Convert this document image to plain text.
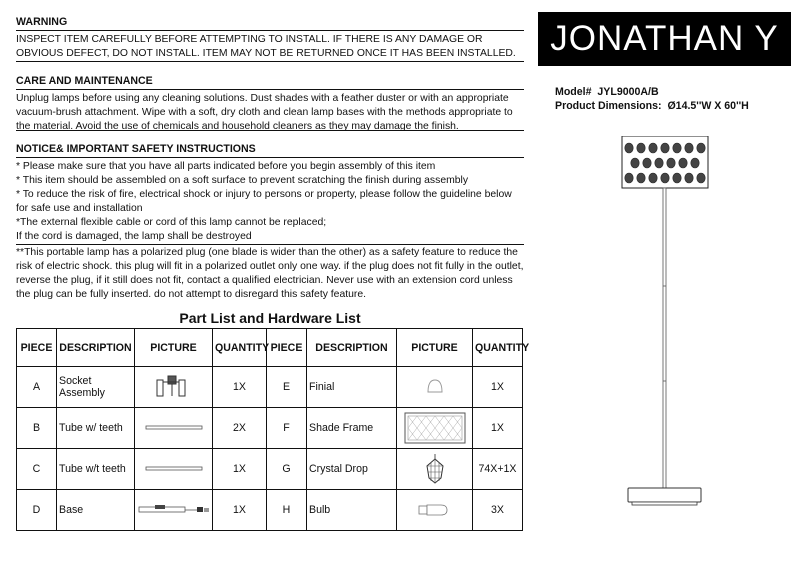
WARNING
INSPECT ITEM CAREFULLY BEFORE ATTEMPTING TO INSTALL. IF THERE IS ANY DAMAGE OR OBVIOUS DEFECT, DO NOT INSTALL. ITEM MAY NOT BE RETURNED ONCE IT HAS BEEN INSTALLED.
CARE AND MAINTENANCE
Unplug lamps before using any cleaning solutions. Dust shades with a feather duster or with an appropriate vacuum-brush attachment. Wipe with a soft, dry cloth and clean lamp bases with the methods appropriate to the material. Avoid the use of chemicals and household cleaners as they may damage the finish.
NOTICE& IMPORTANT SAFETY INSTRUCTIONS
* Please make sure that you have all parts indicated before you begin assembly of this item
* This item should be assembled on a soft surface to prevent scratching the finish during assembly
* To reduce the risk of fire, electrical shock or injury to persons or property, please follow the guideline below for safe use and installation
*The external flexible cable or cord of this lamp cannot be replaced;
If the cord is damaged, the lamp shall be destroyed
**This portable lamp has a polarized plug (one blade is wider than the other) as a safety feature to reduce the risk of electric shock. this plug will fit in a polarized outlet only one way. if the plug does not fit fully in the outlet, reverse the plug, if it still does not fit, contact a qualified electrician. Never use with an extension cord unless the plug can be fully inserted. do not attempt to disregard this safety feature.
JONATHAN Y
Model# JYL9000A/B
Product Dimensions: Ø14.5''W X 60''H
Part List and Hardware List
PIECE	DESCRIPTION	PICTURE	QUANTITY	PIECE	DESCRIPTION	PICTURE	QUANTITY
A	Socket Assembly		1X	E	Finial		1X
B	Tube w/ teeth		2X	F	Shade Frame		1X
C	Tube w/t teeth		1X	G	Crystal Drop		74X+1X
D	Base		1X	H	Bulb		3X
